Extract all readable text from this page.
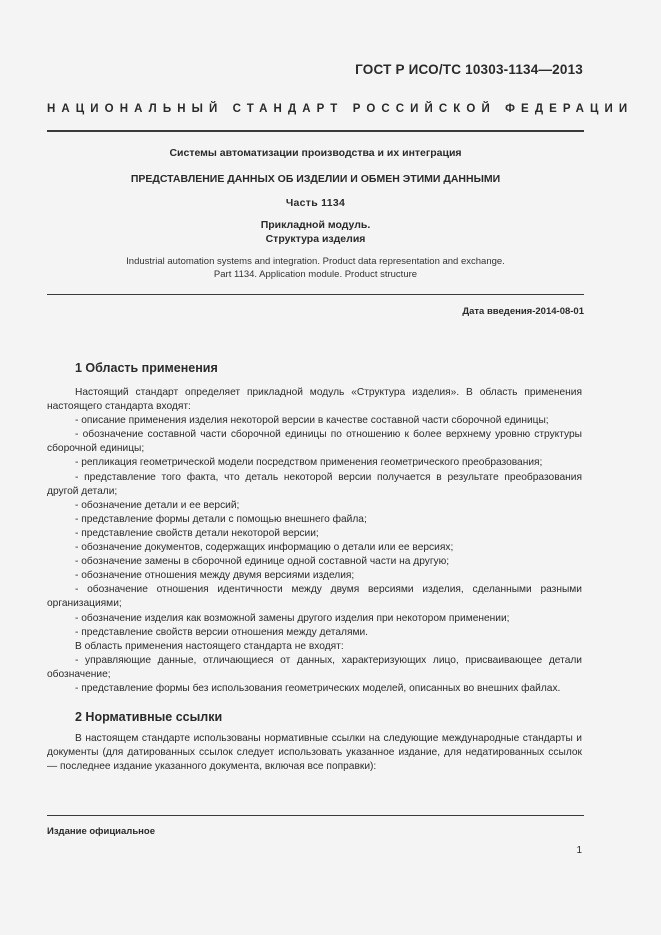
ГОСТ Р ИСО/ТС 10303-1134—2013
НАЦИОНАЛЬНЫЙ СТАНДАРТ РОССИЙСКОЙ ФЕДЕРАЦИИ
Системы автоматизации производства и их интеграция
ПРЕДСТАВЛЕНИЕ ДАННЫХ ОБ ИЗДЕЛИИ И ОБМЕН ЭТИМИ ДАННЫМИ
Часть 1134
Прикладной модуль.
Структура изделия
Industrial automation systems and integration. Product data representation and exchange.
Part 1134. Application module. Product structure
Дата введения-2014-08-01
1 Область применения

Настоящий стандарт определяет прикладной модуль «Структура изделия». В область применения настоящего стандарта входят:

- описание применения изделия некоторой версии в качестве составной части сборочной единицы;

- обозначение составной части сборочной единицы по отношению к более верхнему уровню структуры сборочной единицы;

- репликация геометрической модели посредством применения геометрического преобразования;

- представление того факта, что деталь некоторой версии получается в результате преобразования другой детали;

- обозначение детали и ее версий;

- представление формы детали с помощью внешнего файла;

- представление свойств детали некоторой версии;

- обозначение документов, содержащих информацию о детали или ее версиях;

- обозначение замены в сборочной единице одной составной части на другую;

- обозначение отношения между двумя версиями изделия;

- обозначение отношения идентичности между двумя версиями изделия, сделанными разными организациями;

- обозначение изделия как возможной замены другого изделия при некотором применении;

- представление свойств версии отношения между деталями.

В область применения настоящего стандарта не входят:

- управляющие данные, отличающиеся от данных, характеризующих лицо, присваивающее детали обозначение;

- представление формы без использования геометрических моделей, описанных во внешних файлах.

2 Нормативные ссылки

В настоящем стандарте использованы нормативные ссылки на следующие международные стандарты и документы (для датированных ссылок следует использовать указанное издание, для недатированных ссылок — последнее издание указанного документа, включая все поправки):

Издание официальное
1
